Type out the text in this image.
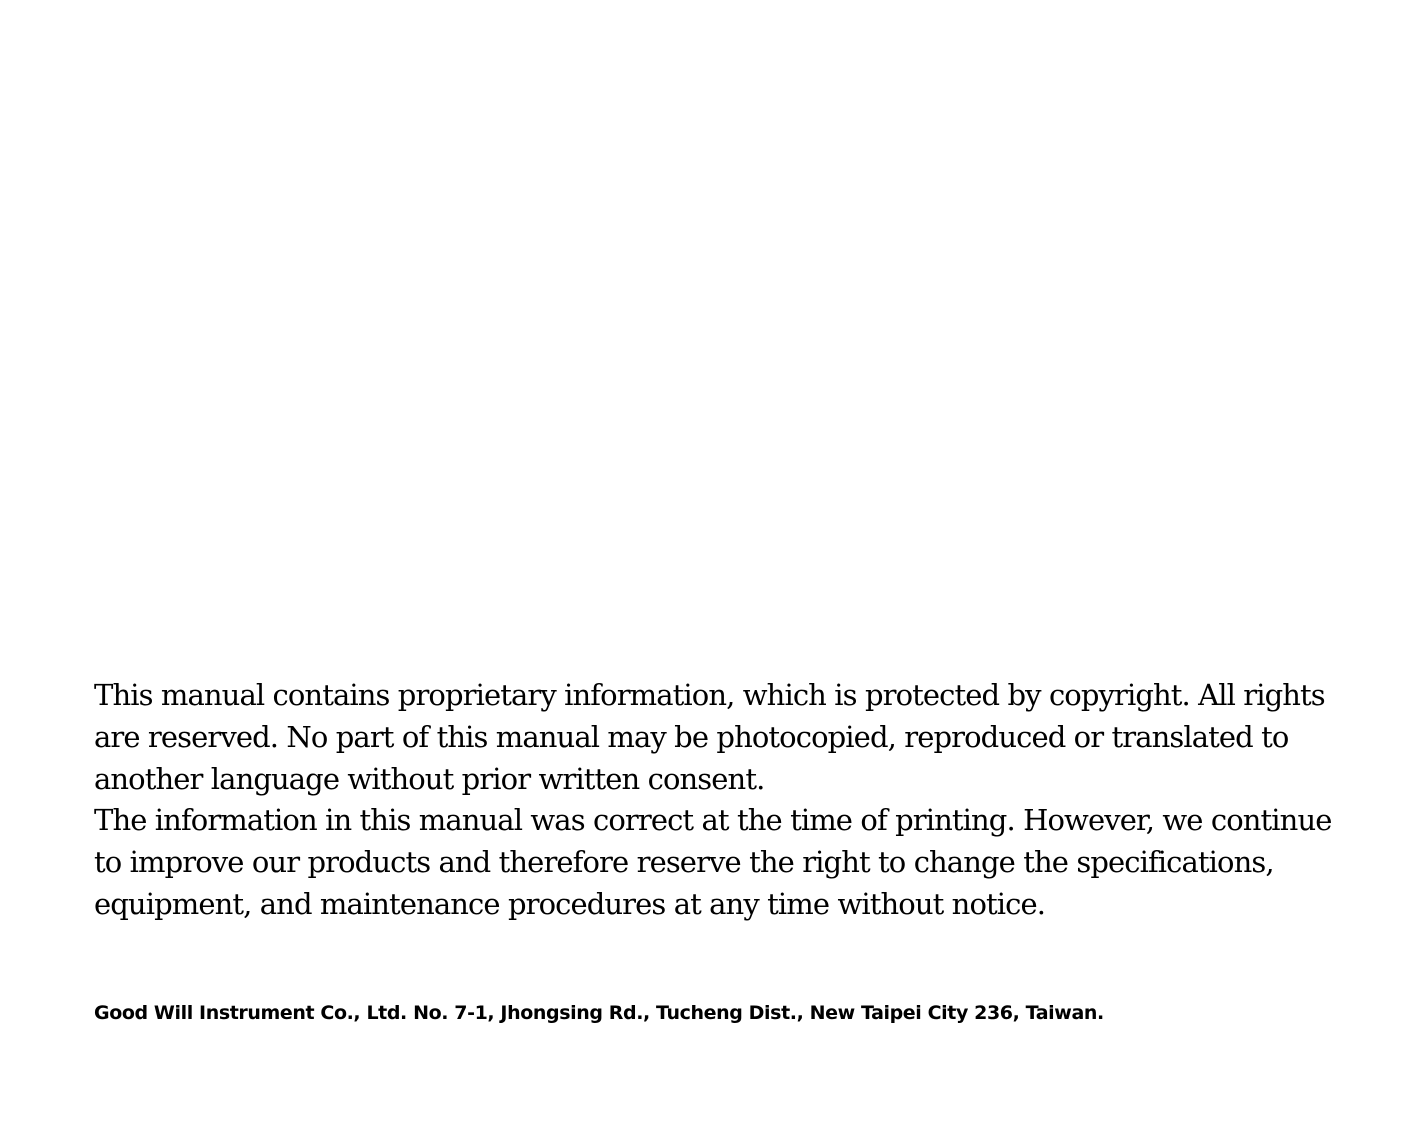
This manual contains proprietary information, which is protected by copyright. All rights are reserved. No part of this manual may be photocopied, reproduced or translated to another language without prior written consent.

The information in this manual was correct at the time of printing. However, we continue to improve our products and therefore reserve the right to change the specifications, equipment, and maintenance procedures at any time without notice.

Good Will Instrument Co., Ltd. No. 7-1, Jhongsing Rd., Tucheng Dist., New Taipei City 236, Taiwan.
